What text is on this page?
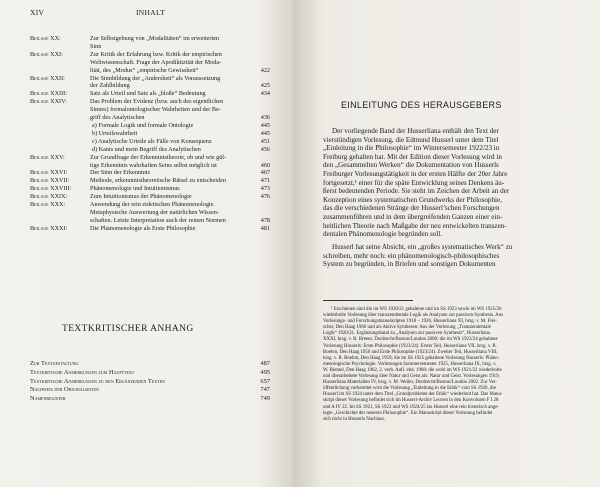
XIV	INHALT
Beilage XX:	Zur Selbstgebung von „Modalitäten“ im erweiterten
Sinn
Beilage XXI:	Zur Kritik der Erfahrung bzw. Kritik der empirischen
Weltwissenschaft. Frage der Apodiktizität der Moda-
lität, des „Modus“ „empirische Gewissheit“	422
Beilage XXII:	Die Sinnbildung der „Andersheit“ als Voraussetzung
der Zahlbildung	425
Beilage XXIII:	Satz als Urteil und Satz als „bloße“ Bedeutung	434
Beilage XXIV:	Das Problem der Evidenz (bzw. auch des eigentlichen
Sinnes) formalontologischer Wahrheiten und der Be-
griff des Analytischen	436
a) Formale Logik und formale Ontologie	445
b) Urteilswahrheit	445
c) Analytische Urteile als Fälle von Konsequenz	451
d) Kants und mein Begriff des Analytischen	456
Beilage XXV:	Zur Grundfrage der Erkenntnistheorie, ob und wie gül-
tige Erkenntnis wahrhaften Seins selbst möglich ist	460
Beilage XXVI:	Der Sinn der Erkenntnis	467
Beilage XXVII:	Methode, erkenntnistheoretische Rätsel zu entscheiden	471
Beilage XXVIII:	Phänomenologie und Intuitionismus	473
Beilage XXIX:	Zum Intuitionismus der Phänomenologie	476
Beilage XXX:	Anwendung der rein eidetischen Phänomenologie.
Metaphysische Auswertung der natürlichen Wissen-
schaften. Letzte Interpretation auch der reinen Normen	478
Beilage XXXI:	Die Phänomenologie als Erste Philosophie	481
TEXTKRITISCHER ANHANG
Zur Textgestaltung	487
Textkritische Anmerkungen zum Haupttext	495
Textkritische Anmerkungen zu den Ergänzenden Texten	657
Nachweis der Originalseiten	747
Namenregister	749
EINLEITUNG DES HERAUSGEBERS
Der vorliegende Band der Husserliana enthält den Text der
vierstündigen Vorlesung, die Edmund Husserl unter dem Titel
„Einleitung in die Philosophie“ im Wintersemester 1922/23 in
Freiburg gehalten hat. Mit der Edition dieser Vorlesung wird in
den „Gesammelten Werken“ die Dokumentation von Husserls
Freiburger Vorlesungstätigkeit in der ersten Hälfte der 20er Jahre
fortgesetzt,¹ einer für die späte Entwicklung seines Denkens äu-
ßerst bedeutenden Periode. Sie steht im Zeichen der Arbeit an der
Konzeption eines systematischen Grundwerks der Philosophie,
das die verschiedenen Stränge der Husserl’schen Forschungen
zusammenführen und in dem übergreifenden Ganzen einer ein-
heitlichen Theorie nach Maßgabe der neu entwickelten transzen-
dentalen Phänomenologie begründen soll.
Husserl hat seine Absicht, ein „großes systematisches Werk“ zu
schreiben, mehr noch: ein phänomenologisch-philosophisches
System zu begründen, in Briefen und sonstigen Dokumenten
¹ Erschienen sind die im WS 1920/21 gehaltene und im SS 1923 sowie im WS 1925/26
wiederholte Vorlesung über transzendentale Logik als Analysen zur passiven Synthesis. Aus
Vorlesungs- und Forschungsmanuskripten 1918 – 1926, Husserliana XI, hrsg. v. M. Flei-
scher, Den Haag 1966 und als Aktive Synthesen: Aus der Vorlesung „Transzendentale
Logik“ 1920/21. Ergänzungsband zu „Analysen zur passiven Synthesis“, Husserliana
XXXI, hrsg. v. R. Breeur, Dordrecht/Boston/London 2000; die im WS 1923/24 gehaltene
Vorlesung Husserls: Erste Philosophie (1923/24). Erster Teil, Husserliana VII, hrsg. v. R.
Boehm, Den Haag 1956 und Erste Philosophie (1923/24). Zweiter Teil, Husserliana VIII,
hrsg. v. R. Boehm, Den Haag 1959; die im SS 1925 gehaltene Vorlesung Husserls: Phäno-
menologische Psychologie. Vorlesungen Sommersemester 1925, Husserliana IX, hrsg. v.
W. Biemel, Den Haag 1962, 2. verb. Aufl. ebd. 1968; die wohl im WS 1921/22 wiederholte
und überarbeitete Vorlesung über Natur und Geist als: Natur und Geist. Vorlesungen 1919,
Husserliana Materialien IV, hrsg. v. M. Weiler, Dordrecht/Boston/London 2002. Zur Ver-
öffentlichung vorbereitet wird die Vorlesung „Einleitung in die Ethik“ vom SS 1920, die
Husserl im SS 1924 unter dem Titel „Grundprobleme der Ethik“ wiederholt hat. Das Manu-
skript dieser Vorlesung befindet sich im Husserl-Archiv Leuven in den Konvoluten F I 28
und A IV 22. Im SS 1921, SS 1922 und WS 1924/25 las Husserl eine rein historisch ange-
legte „Geschichte der neueren Philosophie“. Ein Manuskript dieser Vorlesung befindet
sich nicht in Husserls Nachlass.
